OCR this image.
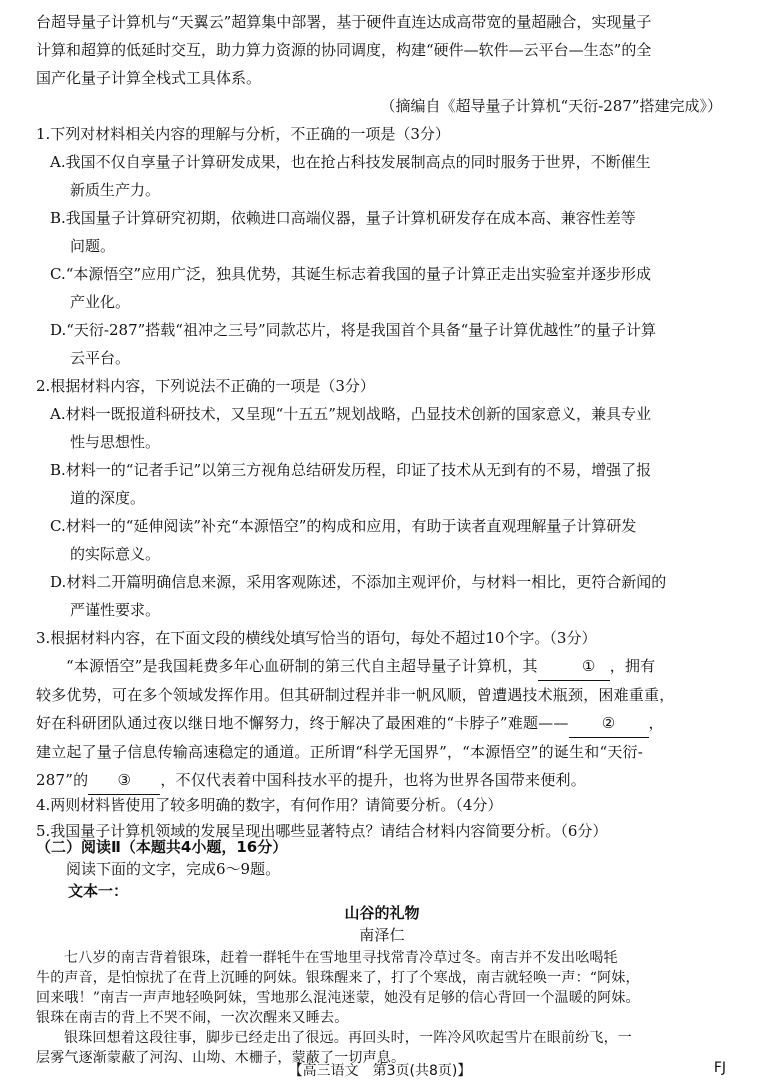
台超导量子计算机与“天翼云”超算集中部署，基于硬件直连达成高带宽的量超融合，实现量子

计算和超算的低延时交互，助力算力资源的协同调度，构建“硬件—软件—云平台—生态”的全

国产化量子计算全栈式工具体系。

（摘编自《超导量子计算机“天衍-287”搭建完成》）

1.下列对材料相关内容的理解与分析，不正确的一项是（3分）

A.我国不仅自享量子计算研发成果，也在抢占科技发展制高点的同时服务于世界，不断催生

新质生产力。

B.我国量子计算研究初期，依赖进口高端仪器，量子计算机研发存在成本高、兼容性差等

问题。

C.“本源悟空”应用广泛，独具优势，其诞生标志着我国的量子计算正走出实验室并逐步形成

产业化。

D.“天衍-287”搭载“祖冲之三号”同款芯片，将是我国首个具备“量子计算优越性”的量子计算

云平台。

2.根据材料内容，下列说法不正确的一项是（3分）

A.材料一既报道科研技术，又呈现“十五五”规划战略，凸显技术创新的国家意义，兼具专业

性与思想性。

B.材料一的“记者手记”以第三方视角总结研发历程，印证了技术从无到有的不易，增强了报

道的深度。

C.材料一的“延伸阅读”补充“本源悟空”的构成和应用，有助于读者直观理解量子计算研发

的实际意义。

D.材料二开篇明确信息来源，采用客观陈述，不添加主观评价，与材料一相比，更符合新闻的

严谨性要求。

3.根据材料内容，在下面文段的横线处填写恰当的语句，每处不超过10个字。（3分）

“本源悟空”是我国耗费多年心血研制的第三代自主超导量子计算机，其	① ，拥有

较多优势，可在多个领域发挥作用。但其研制过程并非一帆风顺，曾遭遇技术瓶颈，困难重重，

好在科研团队通过夜以继日地不懈努力，终于解决了最困难的“卡脖子”难题—— ② ，

建立起了量子信息传输高速稳定的通道。正所谓“科学无国界”，“本源悟空”的诞生和“天衍-

287”的 ③ ，不仅代表着中国科技水平的提升，也将为世界各国带来便利。

4.两则材料皆使用了较多明确的数字，有何作用？请简要分析。（4分）

5.我国量子计算机领域的发展呈现出哪些显著特点？请结合材料内容简要分析。（6分）

（二）阅读Ⅱ（本题共4小题，16分）

阅读下面的文字，完成6～9题。

文本一：

山谷的礼物

南泽仁

七八岁的南吉背着银珠，赶着一群牦牛在雪地里寻找常青冷草过冬。南吉并不发出吆喝牦

牛的声音，是怕惊扰了在背上沉睡的阿妹。银珠醒来了，打了个寒战，南吉就轻唤一声：“阿妹，

回来哦！”南吉一声声地轻唤阿妹，雪地那么混沌迷蒙，她没有足够的信心背回一个温暖的阿妹。

银珠在南吉的背上不哭不闹，一次次醒来又睡去。

银珠回想着这段往事，脚步已经走出了很远。再回头时，一阵冷风吹起雪片在眼前纷飞，一

层雾气逐渐蒙蔽了河沟、山坳、木栅子，蒙蔽了一切声息。

【高三语文　第3页(共8页)】	FJ
